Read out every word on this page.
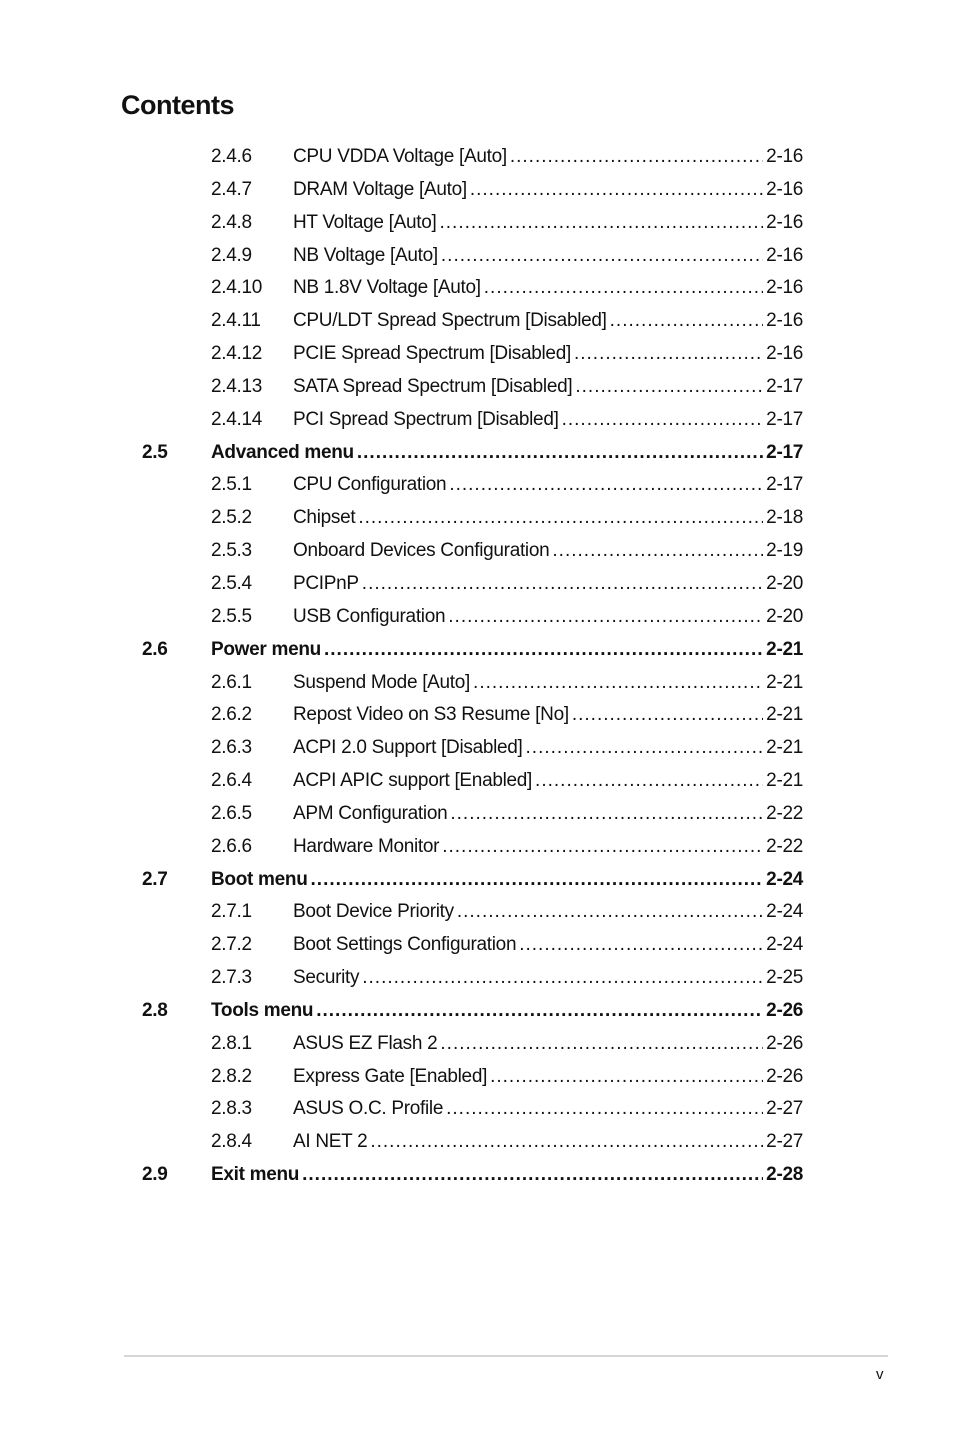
Contents
2.4.6 CPU VDDA Voltage [Auto] .....	2-16
2.4.7 DRAM Voltage [Auto] .....	2-16
2.4.8 HT Voltage [Auto] .....	2-16
2.4.9 NB Voltage [Auto] .....	2-16
2.4.10 NB 1.8V Voltage [Auto] .....	2-16
2.4.11 CPU/LDT Spread Spectrum [Disabled] .....	2-16
2.4.12 PCIE Spread Spectrum [Disabled] .....	2-16
2.4.13 SATA Spread Spectrum [Disabled] .....	2-17
2.4.14 PCI Spread Spectrum [Disabled] .....	2-17
2.5 Advanced menu .....	2-17
2.5.1 CPU Configuration .....	2-17
2.5.2 Chipset .....	2-18
2.5.3 Onboard Devices Configuration .....	2-19
2.5.4 PCIPnP .....	2-20
2.5.5 USB Configuration .....	2-20
2.6 Power menu .....	2-21
2.6.1 Suspend Mode [Auto] .....	2-21
2.6.2 Repost Video on S3 Resume [No] .....	2-21
2.6.3 ACPI 2.0 Support [Disabled] .....	2-21
2.6.4 ACPI APIC support [Enabled] .....	2-21
2.6.5 APM Configuration .....	2-22
2.6.6 Hardware Monitor .....	2-22
2.7 Boot menu .....	2-24
2.7.1 Boot Device Priority .....	2-24
2.7.2 Boot Settings Configuration .....	2-24
2.7.3 Security .....	2-25
2.8 Tools menu .....	2-26
2.8.1 ASUS EZ Flash 2 .....	2-26
2.8.2 Express Gate [Enabled] .....	2-26
2.8.3 ASUS O.C. Profile .....	2-27
2.8.4 AI NET 2 .....	2-27
2.9 Exit menu .....	2-28
v
